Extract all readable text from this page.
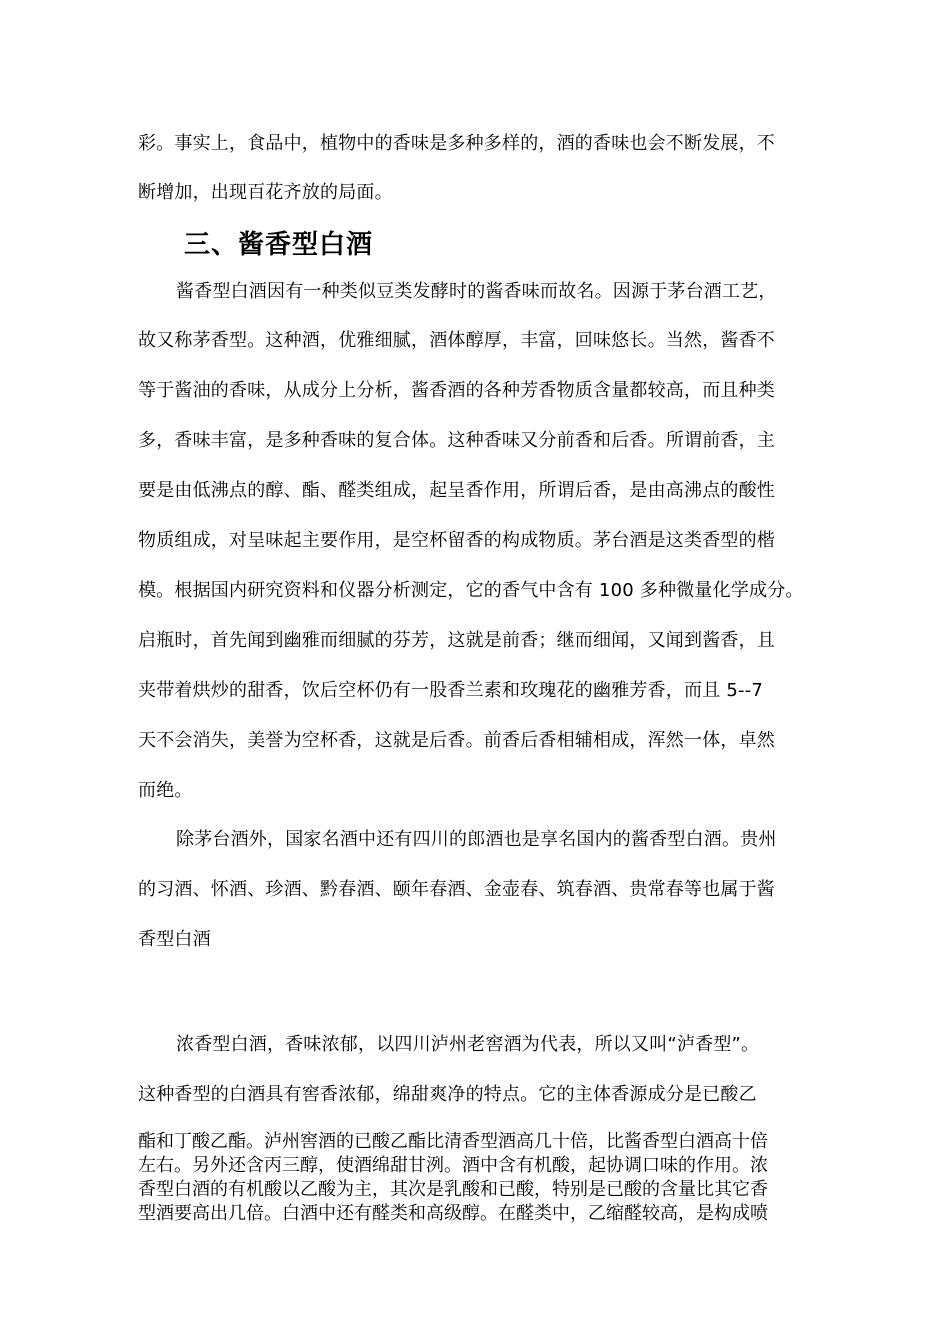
彩。事实上，食品中，植物中的香味是多种多样的，酒的香味也会不断发展，不
断增加，出现百花齐放的局面。
三、酱香型白酒
酱香型白酒因有一种类似豆类发酵时的酱香味而故名。因源于茅台酒工艺，
故又称茅香型。这种酒，优雅细腻，酒体醇厚，丰富，回味悠长。当然，酱香不
等于酱油的香味，从成分上分析，酱香酒的各种芳香物质含量都较高，而且种类
多，香味丰富，是多种香味的复合体。这种香味又分前香和后香。所谓前香，主
要是由低沸点的醇、酯、醛类组成，起呈香作用，所谓后香，是由高沸点的酸性
物质组成，对呈味起主要作用，是空杯留香的构成物质。茅台酒是这类香型的楷
模。根据国内研究资料和仪器分析测定，它的香气中含有 100 多种微量化学成分。
启瓶时，首先闻到幽雅而细腻的芬芳，这就是前香；继而细闻，又闻到酱香，且
夹带着烘炒的甜香，饮后空杯仍有一股香兰素和玫瑰花的幽雅芳香，而且 5--7
天不会消失，美誉为空杯香，这就是后香。前香后香相辅相成，浑然一体，卓然
而绝。
除茅台酒外，国家名酒中还有四川的郎酒也是享名国内的酱香型白酒。贵州
的习酒、怀酒、珍酒、黔春酒、颐年春酒、金壶春、筑春酒、贵常春等也属于酱
香型白酒
浓香型白酒，香味浓郁，以四川泸州老窖酒为代表，所以又叫“泸香型”。
这种香型的白酒具有窖香浓郁，绵甜爽净的特点。它的主体香源成分是已酸乙
酯和丁酸乙酯。泸州窖酒的已酸乙酯比清香型酒高几十倍，比酱香型白酒高十倍
左右。另外还含丙三醇，使酒绵甜甘洌。酒中含有机酸，起协调口味的作用。浓
香型白酒的有机酸以乙酸为主，其次是乳酸和已酸，特别是已酸的含量比其它香
型酒要高出几倍。白酒中还有醛类和高级醇。在醛类中，乙缩醛较高，是构成喷
